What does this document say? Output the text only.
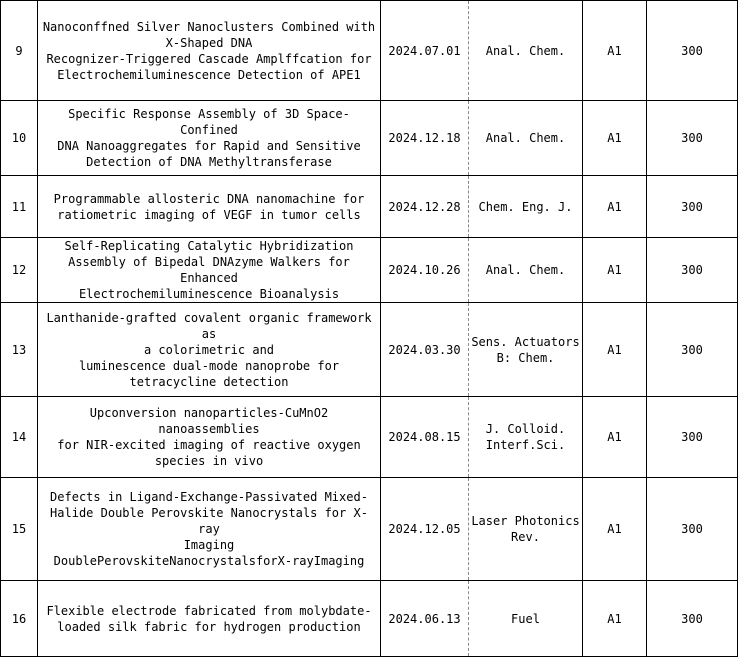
9	Nanoconffned Silver Nanoclusters Combined with
X-Shaped DNA
Recognizer-Triggered Cascade Amplffcation for
Electrochemiluminescence Detection of APE1	2024.07.01	Anal. Chem.	A1	300
10	Specific Response Assembly of 3D Space-Confined
DNA Nanoaggregates for Rapid and Sensitive
Detection of DNA Methyltransferase	2024.12.18	Anal. Chem.	A1	300
11	Programmable allosteric DNA nanomachine for
ratiometric imaging of VEGF in tumor cells	2024.12.28	Chem. Eng. J.	A1	300
12	Self-Replicating Catalytic Hybridization
Assembly of Bipedal DNAzyme Walkers for Enhanced
Electrochemiluminescence Bioanalysis	2024.10.26	Anal. Chem.	A1	300
13	Lanthanide-grafted covalent organic framework as
a colorimetric and
luminescence dual-mode nanoprobe for
tetracycline detection	2024.03.30	Sens. Actuators
B: Chem.	A1	300
14	Upconversion nanoparticles-CuMnO2 nanoassemblies
for NIR-excited imaging of reactive oxygen
species in vivo	2024.08.15	J. Colloid.
Interf.Sci.	A1	300
15	Defects in Ligand-Exchange-Passivated Mixed-
Halide Double Perovskite Nanocrystals for X-ray
Imaging
DoublePerovskiteNanocrystalsforX-rayImaging	2024.12.05	Laser Photonics
Rev.	A1	300
16	Flexible electrode fabricated from molybdate-
loaded silk fabric for hydrogen production	2024.06.13	Fuel	A1	300
